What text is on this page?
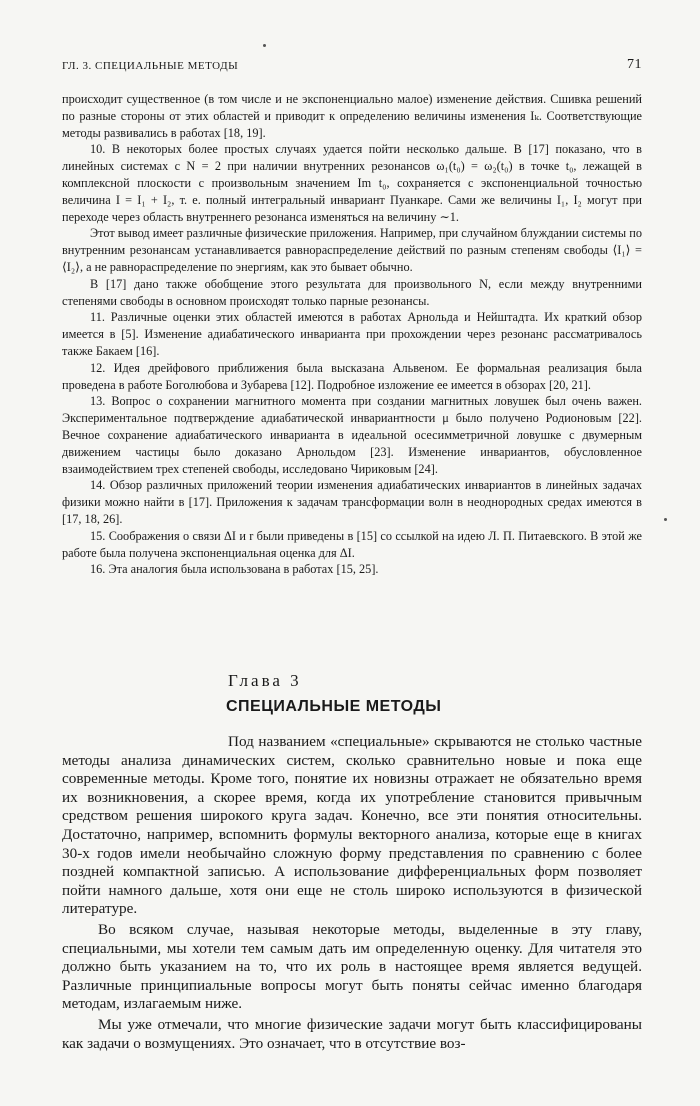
ГЛ. 3. СПЕЦИАЛЬНЫЕ МЕТОДЫ	71

происходит существенное (в том числе и не экспоненциально малое) изменение действия. Сшивка решений по разные стороны от этих областей и приводит к определению величины изменения Iₖ. Соответствующие методы развивались в работах [18, 19].

10. В некоторых более простых случаях удается пойти несколько дальше. В [17] показано, что в линейных системах с N = 2 при наличии внутренних резонансов ω₁(t₀) = ω₂(t₀) в точке t₀, лежащей в комплексной плоскости с произвольным значением Im t₀, сохраняется с экспоненциальной точностью величина I = I₁ + I₂, т. е. полный интегральный инвариант Пуанкаре. Сами же величины I₁, I₂ могут при переходе через область внутреннего резонанса изменяться на величину ∼1.

Этот вывод имеет различные физические приложения. Например, при случайном блуждании системы по внутренним резонансам устанавливается равнораспределение действий по разным степеням свободы ⟨I₁⟩ = ⟨I₂⟩, а не равнораспределение по энергиям, как это бывает обычно.

В [17] дано также обобщение этого результата для произвольного N, если между внутренними степенями свободы в основном происходят только парные резонансы.

11. Различные оценки этих областей имеются в работах Арнольда и Нейштадта. Их краткий обзор имеется в [5]. Изменение адиабатического инварианта при прохождении через резонанс рассматривалось также Бакаем [16].

12. Идея дрейфового приближения была высказана Альвеном. Ее формальная реализация была проведена в работе Боголюбова и Зубарева [12]. Подробное изложение ее имеется в обзорах [20, 21].

13. Вопрос о сохранении магнитного момента при создании магнитных ловушек был очень важен. Экспериментальное подтверждение адиабатической инвариантности μ было получено Родионовым [22]. Вечное сохранение адиабатического инварианта в идеальной осесимметричной ловушке с двумерным движением частицы было доказано Арнольдом [23]. Изменение инвариантов, обусловленное взаимодействием трех степеней свободы, исследовано Чириковым [24].

14. Обзор различных приложений теории изменения адиабатических инвариантов в линейных задачах физики можно найти в [17]. Приложения к задачам трансформации волн в неоднородных средах имеются в [17, 18, 26].

15. Соображения о связи ΔI и r были приведены в [15] со ссылкой на идею Л. П. Питаевского. В этой же работе была получена экспоненциальная оценка для ΔI.

16. Эта аналогия была использована в работах [15, 25].

Глава 3
СПЕЦИАЛЬНЫЕ МЕТОДЫ

Под названием «специальные» скрываются не столько частные методы анализа динамических систем, сколько сравнительно новые и пока еще современные методы. Кроме того, понятие их новизны отражает не обязательно время их возникновения, а скорее время, когда их употребление становится привычным средством решения широкого круга задач. Конечно, все эти понятия относительны. Достаточно, например, вспомнить формулы векторного анализа, которые еще в книгах 30-х годов имели необычайно сложную форму представления по сравнению с более поздней компактной записью. А использование дифференциальных форм позволяет пойти намного дальше, хотя они еще не столь широко используются в физической литературе.

Во всяком случае, называя некоторые методы, выделенные в эту главу, специальными, мы хотели тем самым дать им определенную оценку. Для читателя это должно быть указанием на то, что их роль в настоящее время является ведущей. Различные принципиальные вопросы могут быть поняты сейчас именно благодаря методам, излагаемым ниже.

Мы уже отмечали, что многие физические задачи могут быть классифицированы как задачи о возмущениях. Это означает, что в отсутствие воз-
